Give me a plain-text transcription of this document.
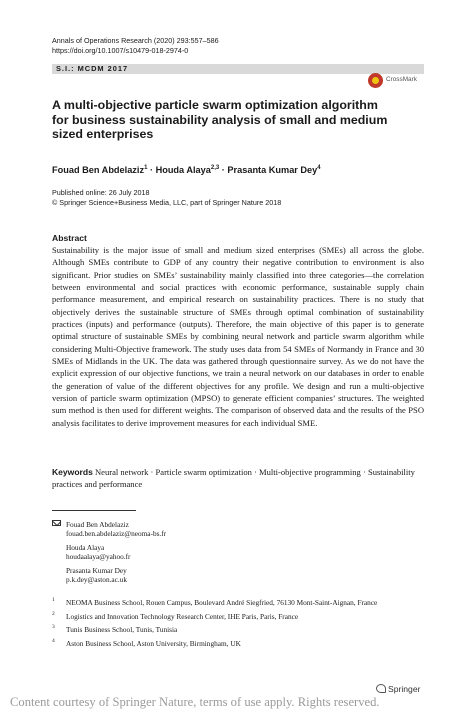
Annals of Operations Research (2020) 293:557–586
https://doi.org/10.1007/s10479-018-2974-0
S.I.: MCDM 2017
CrossMark
A multi-objective particle swarm optimization algorithm for business sustainability analysis of small and medium sized enterprises
Fouad Ben Abdelaziz$^1$ · Houda Alaya$^{2,3}$ · Prasanta Kumar Dey$^4$
Published online: 26 July 2018
© Springer Science+Business Media, LLC, part of Springer Nature 2018
Abstract
Sustainability is the major issue of small and medium sized enterprises (SMEs) all across the globe. Although SMEs contribute to GDP of any country their negative contribution to environment is also significant. Prior studies on SMEs’ sustainability mainly classified into three categories—the correlation between environmental and social practices with economic performance, sustainable supply chain performance measurement, and empirical research on sustainability practices. There is no study that objectively derives the sustainable structure of SMEs through optimal combination of sustainability practices (inputs) and performance (outputs). Therefore, the main objective of this paper is to generate optimal structure of sustainable SMEs by combining neural network and particle swarm algorithm while considering Multi-Objective framework. The study uses data from 54 SMEs of Normandy in France and 30 SMEs of Midlands in the UK. The data was gathered through questionnaire survey. As we do not have the explicit expression of our objective functions, we train a neural network on our databases in order to enable the generation of value of the different objectives for any profile. We design and run a multi-objective version of particle swarm optimization (MPSO) to generate efficient companies’ structures. The weighted sum method is then used for different weights. The comparison of observed data and the results of the PSO analysis facilitates to derive improvement measures for each individual SME.
Keywords Neural network · Particle swarm optimization · Multi-objective programming · Sustainability practices and performance
Fouad Ben Abdelaziz
fouad.ben.abdelaziz@neoma-bs.fr
Houda Alaya
houdaalaya@yahoo.fr
Prasanta Kumar Dey
p.k.dey@aston.ac.uk
1 NEOMA Business School, Rouen Campus, Boulevard André Siegfried, 76130 Mont-Saint-Aignan, France
2 Logistics and Innovation Technology Research Center, IHE Paris, Paris, France
3 Tunis Business School, Tunis, Tunisia
4 Aston Business School, Aston University, Birmingham, UK
Springer
Content courtesy of Springer Nature, terms of use apply. Rights reserved.
